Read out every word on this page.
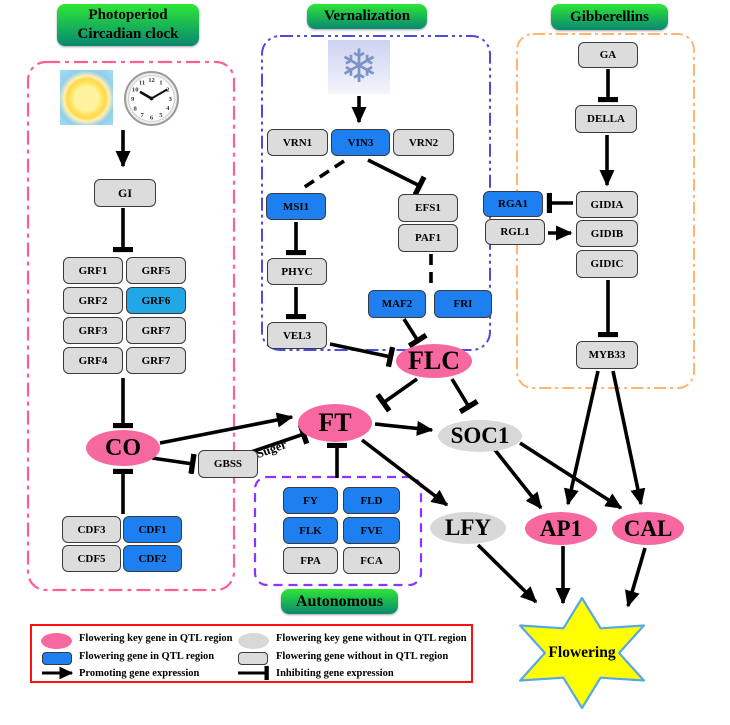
Photoperiod
Circadian clock
Vernalization	Gibberellins
Autonomous
1
2
3
4
5
6
7
8
9
10
11 12
❄
GI
GRF1	GRF5
GRF2	GRF6
GRF3	GRF7
GRF4	GRF7
CO
GBSS
CDF3	CDF1
CDF5	CDF2
VRN1	VIN3	VRN2
MSI1	EFS1
PAF1
PHYC
MAF2	FRI
VEL3
FLC
GA
DELLA
RGA1
RGL1
GIDIA
GIDIB
GIDIC
MYB33
FT	SOC1
LFY AP1 CAL
FY	FLD
FLK	FVE
FPA	FCA
Suger
Flowering
Flowering key gene in QTL region	Flowering key gene without in QTL region
Flowering gene in QTL region	Flowering gene without in QTL region
Promoting gene expression	Inhibiting gene expression
